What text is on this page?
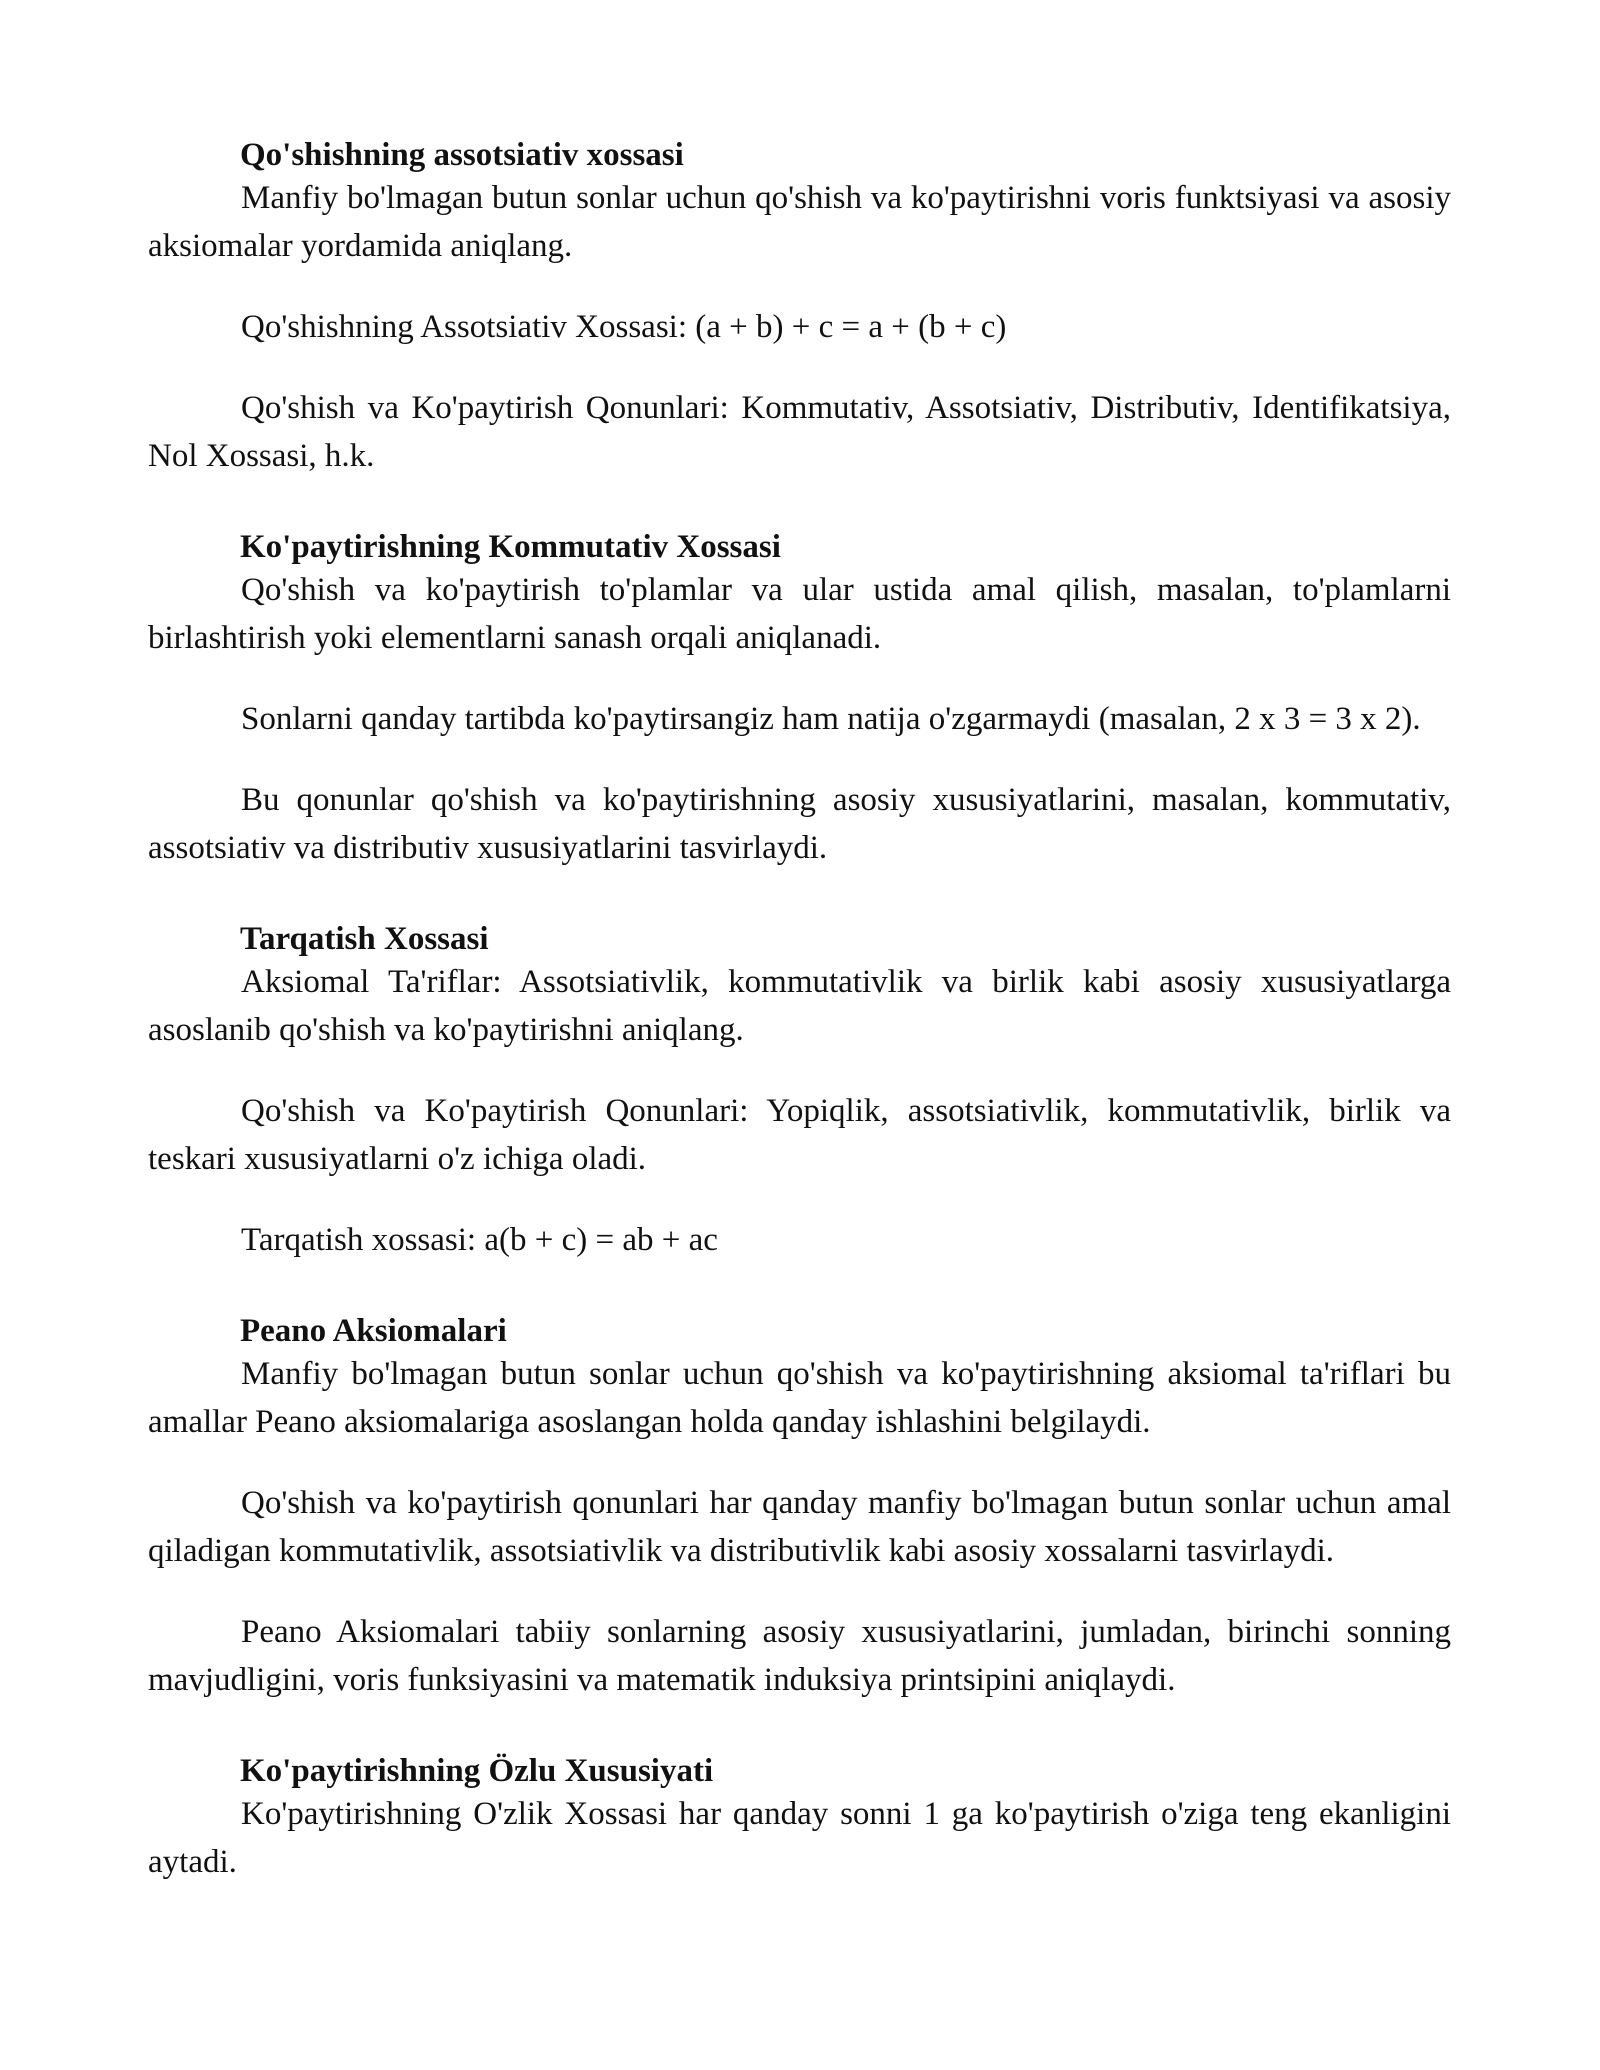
Qo'shishning assotsiativ xossasi

Manfiy bo'lmagan butun sonlar uchun qo'shish va ko'paytirishni voris funktsiyasi va asosiy aksiomalar yordamida aniqlang.

Qo'shishning Assotsiativ Xossasi: (a + b) + c = a + (b + c)

Qo'shish va Ko'paytirish Qonunlari: Kommutativ, Assotsiativ, Distributiv, Identifikatsiya, Nol Xossasi, h.k.

Ko'paytirishning Kommutativ Xossasi

Qo'shish va ko'paytirish to'plamlar va ular ustida amal qilish, masalan, to'plamlarni birlashtirish yoki elementlarni sanash orqali aniqlanadi.

Sonlarni qanday tartibda ko'paytirsangiz ham natija o'zgarmaydi (masalan, 2 x 3 = 3 x 2).

Bu qonunlar qo'shish va ko'paytirishning asosiy xususiyatlarini, masalan, kommutativ, assotsiativ va distributiv xususiyatlarini tasvirlaydi.

Tarqatish Xossasi

Aksiomal Ta'riflar: Assotsiativlik, kommutativlik va birlik kabi asosiy xususiyatlarga asoslanib qo'shish va ko'paytirishni aniqlang.

Qo'shish va Ko'paytirish Qonunlari: Yopiqlik, assotsiativlik, kommutativlik, birlik va teskari xususiyatlarni o'z ichiga oladi.

Tarqatish xossasi: a(b + c) = ab + ac

Peano Aksiomalari

Manfiy bo'lmagan butun sonlar uchun qo'shish va ko'paytirishning aksiomal ta'riflari bu amallar Peano aksiomalariga asoslangan holda qanday ishlashini belgilaydi.

Qo'shish va ko'paytirish qonunlari har qanday manfiy bo'lmagan butun sonlar uchun amal qiladigan kommutativlik, assotsiativlik va distributivlik kabi asosiy xossalarni tasvirlaydi.

Peano Aksiomalari tabiiy sonlarning asosiy xususiyatlarini, jumladan, birinchi sonning mavjudligini, voris funksiyasini va matematik induksiya printsipini aniqlaydi.

Ko'paytirishning Özlu Xususiyati

Ko'paytirishning O'zlik Xossasi har qanday sonni 1 ga ko'paytirish o'ziga teng ekanligini aytadi.
